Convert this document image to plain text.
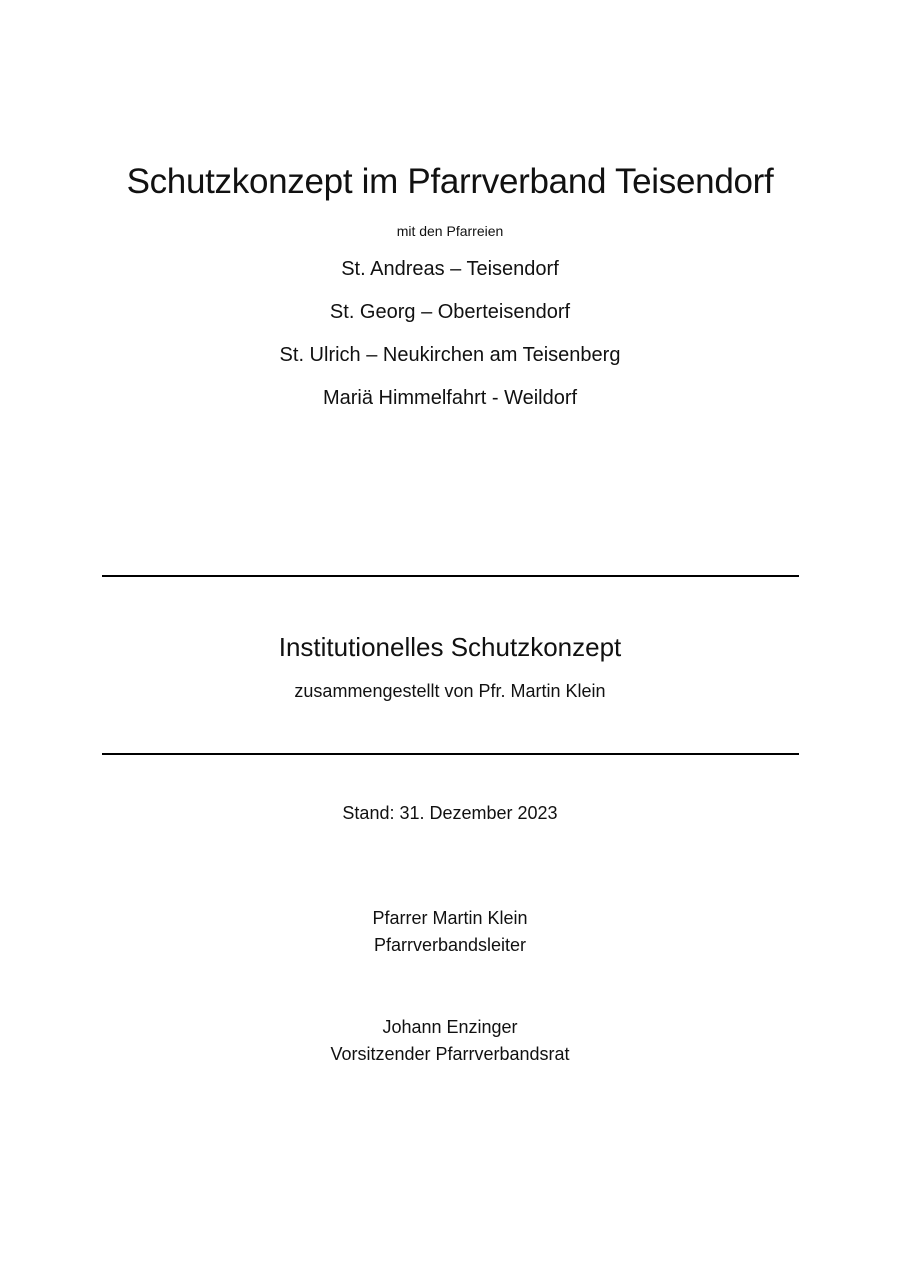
Schutzkonzept im Pfarrverband Teisendorf
mit den Pfarreien
St. Andreas – Teisendorf
St. Georg – Oberteisendorf
St. Ulrich – Neukirchen am Teisenberg
Mariä Himmelfahrt - Weildorf
Institutionelles Schutzkonzept
zusammengestellt von Pfr. Martin Klein
Stand: 31. Dezember 2023
Pfarrer Martin Klein
Pfarrverbandsleiter
Johann Enzinger
Vorsitzender Pfarrverbandsrat
